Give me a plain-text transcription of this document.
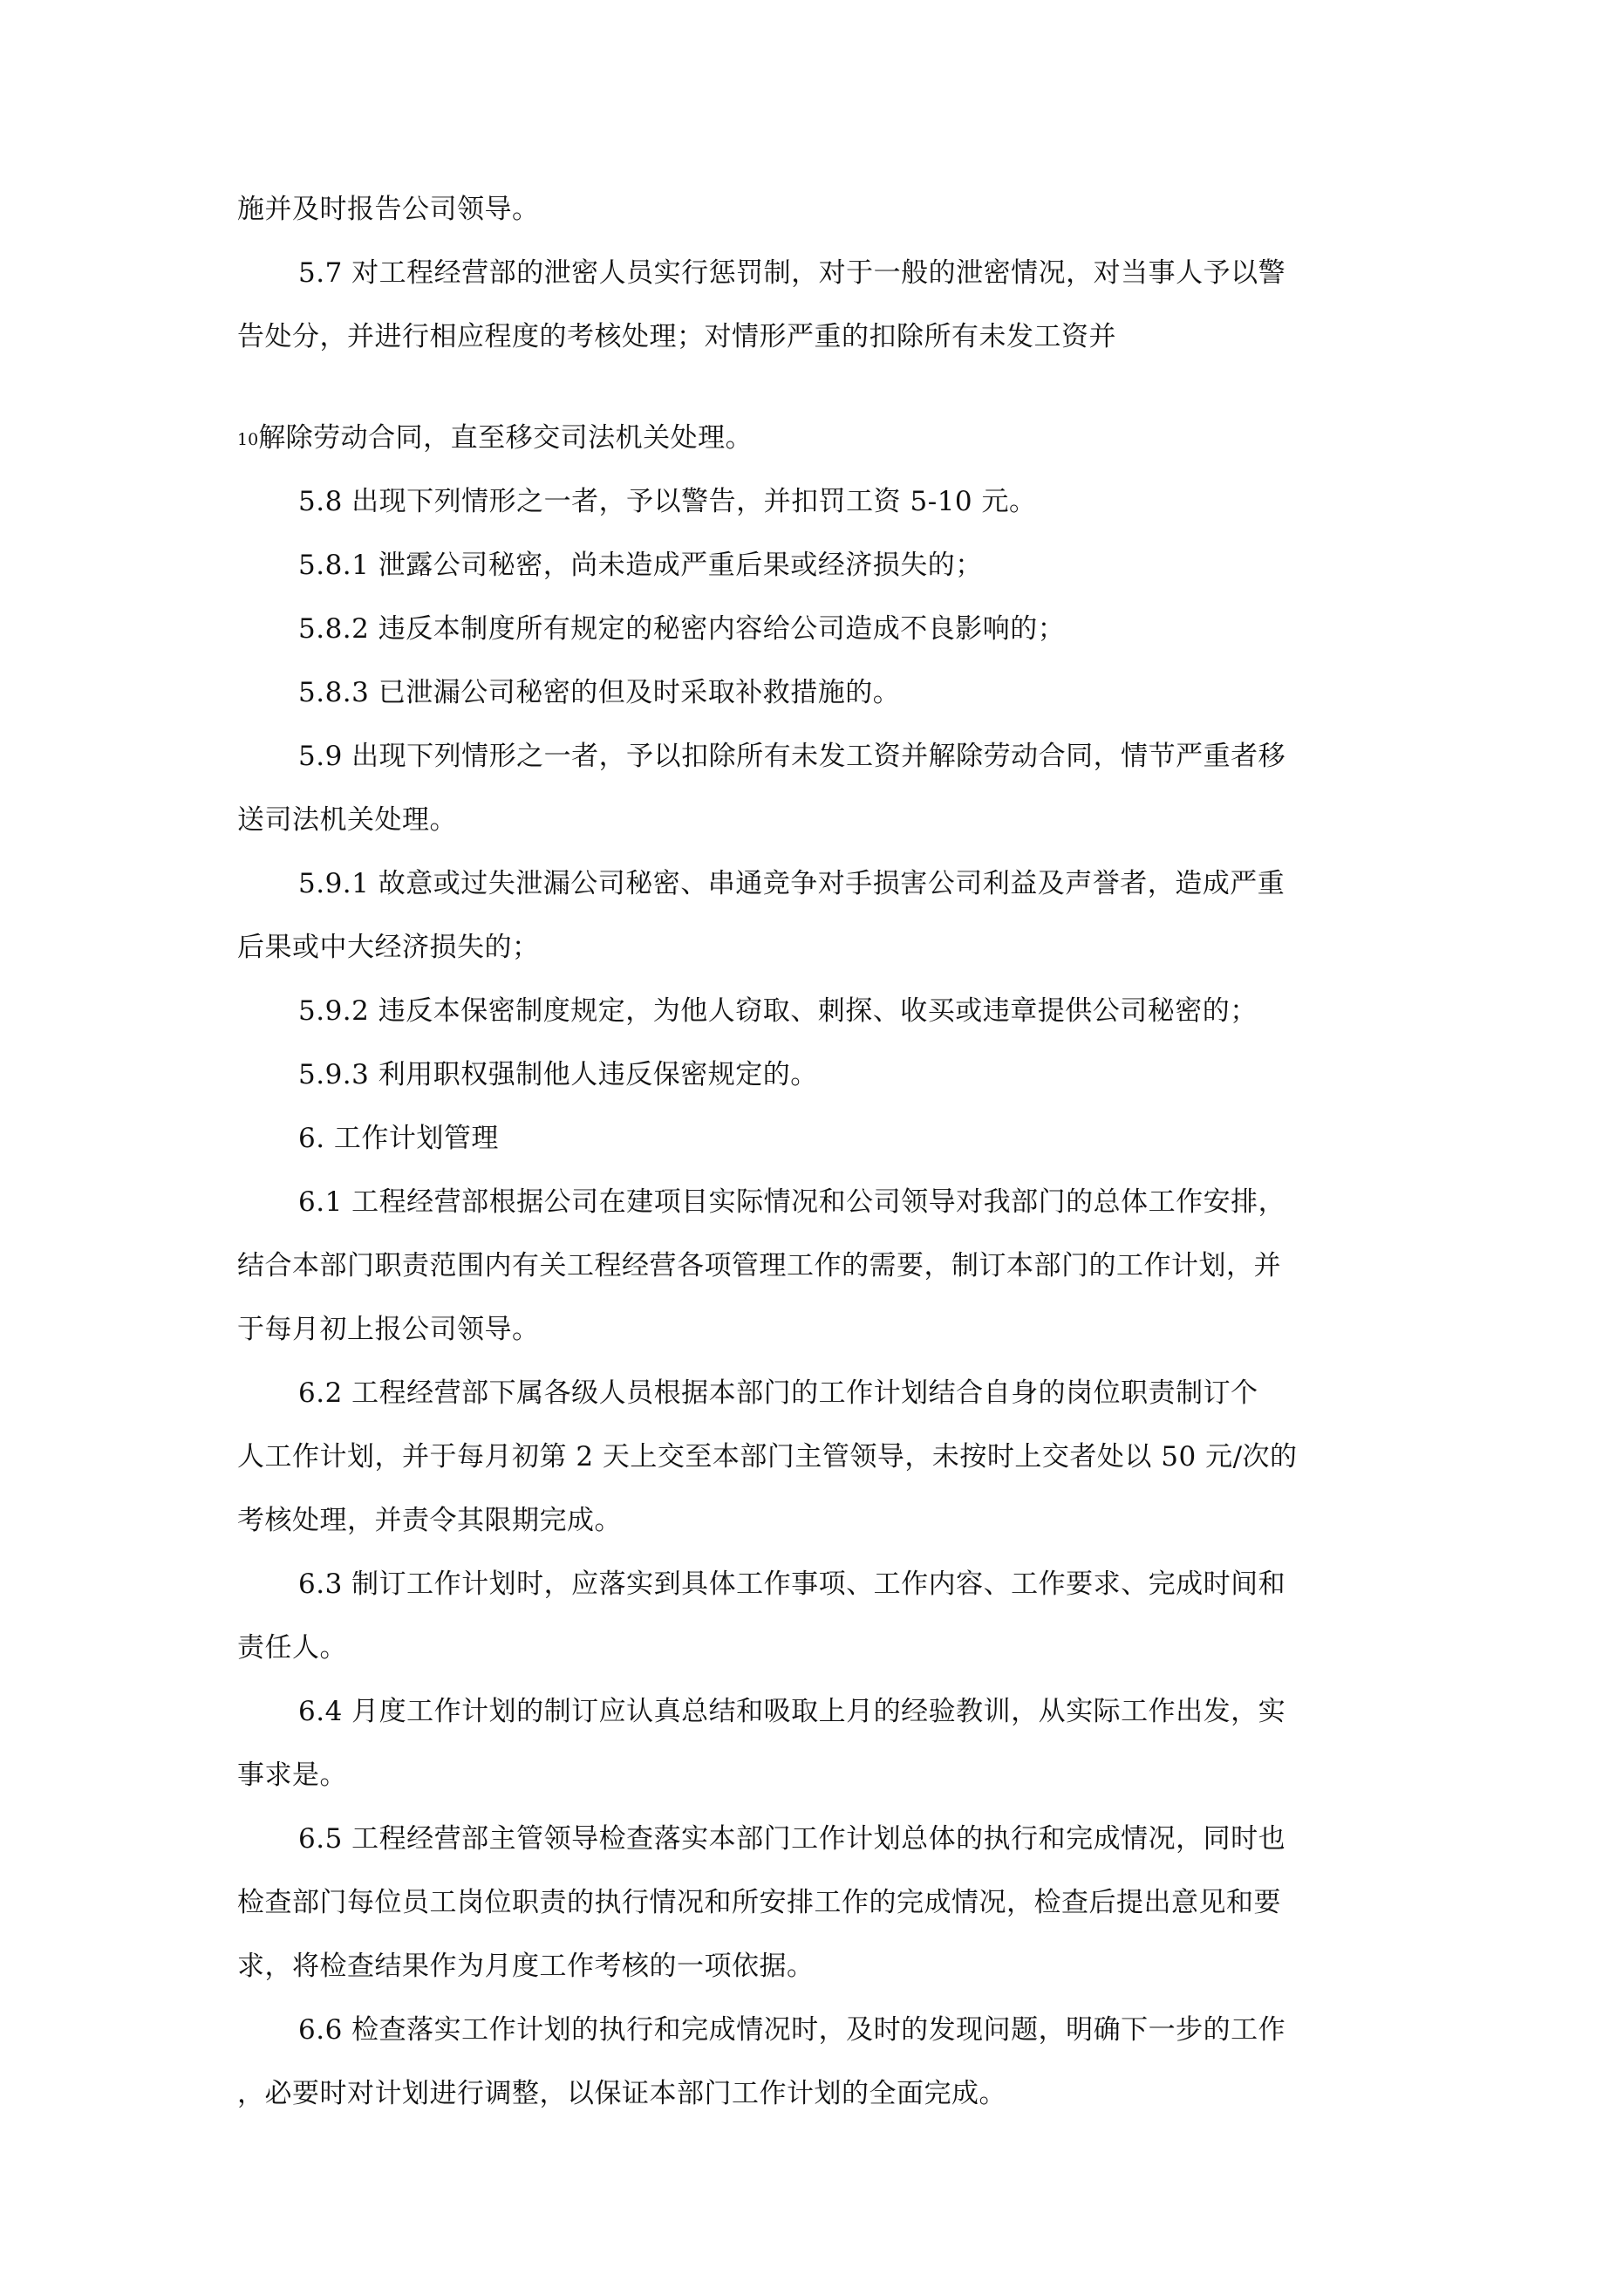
施并及时报告公司领导。
5.7 对工程经营部的泄密人员实行惩罚制，对于一般的泄密情况，对当事人予以警
告处分，并进行相应程度的考核处理；对情形严重的扣除所有未发工资并
10解除劳动合同，直至移交司法机关处理。
5.8 出现下列情形之一者，予以警告，并扣罚工资 5-10 元。
5.8.1 泄露公司秘密，尚未造成严重后果或经济损失的；
5.8.2 违反本制度所有规定的秘密内容给公司造成不良影响的；
5.8.3 已泄漏公司秘密的但及时采取补救措施的。
5.9 出现下列情形之一者，予以扣除所有未发工资并解除劳动合同，情节严重者移
送司法机关处理。
5.9.1 故意或过失泄漏公司秘密、串通竞争对手损害公司利益及声誉者，造成严重
后果或中大经济损失的；
5.9.2 违反本保密制度规定，为他人窃取、刺探、收买或违章提供公司秘密的；
5.9.3 利用职权强制他人违反保密规定的。
6. 工作计划管理
6.1 工程经营部根据公司在建项目实际情况和公司领导对我部门的总体工作安排，
结合本部门职责范围内有关工程经营各项管理工作的需要，制订本部门的工作计划，并
于每月初上报公司领导。
6.2 工程经营部下属各级人员根据本部门的工作计划结合自身的岗位职责制订个
人工作计划，并于每月初第 2 天上交至本部门主管领导，未按时上交者处以 50 元/次的
考核处理，并责令其限期完成。
6.3 制订工作计划时，应落实到具体工作事项、工作内容、工作要求、完成时间和
责任人。
6.4 月度工作计划的制订应认真总结和吸取上月的经验教训，从实际工作出发，实
事求是。
6.5 工程经营部主管领导检查落实本部门工作计划总体的执行和完成情况，同时也
检查部门每位员工岗位职责的执行情况和所安排工作的完成情况，检查后提出意见和要
求，将检查结果作为月度工作考核的一项依据。
6.6 检查落实工作计划的执行和完成情况时，及时的发现问题，明确下一步的工作
，必要时对计划进行调整，以保证本部门工作计划的全面完成。
